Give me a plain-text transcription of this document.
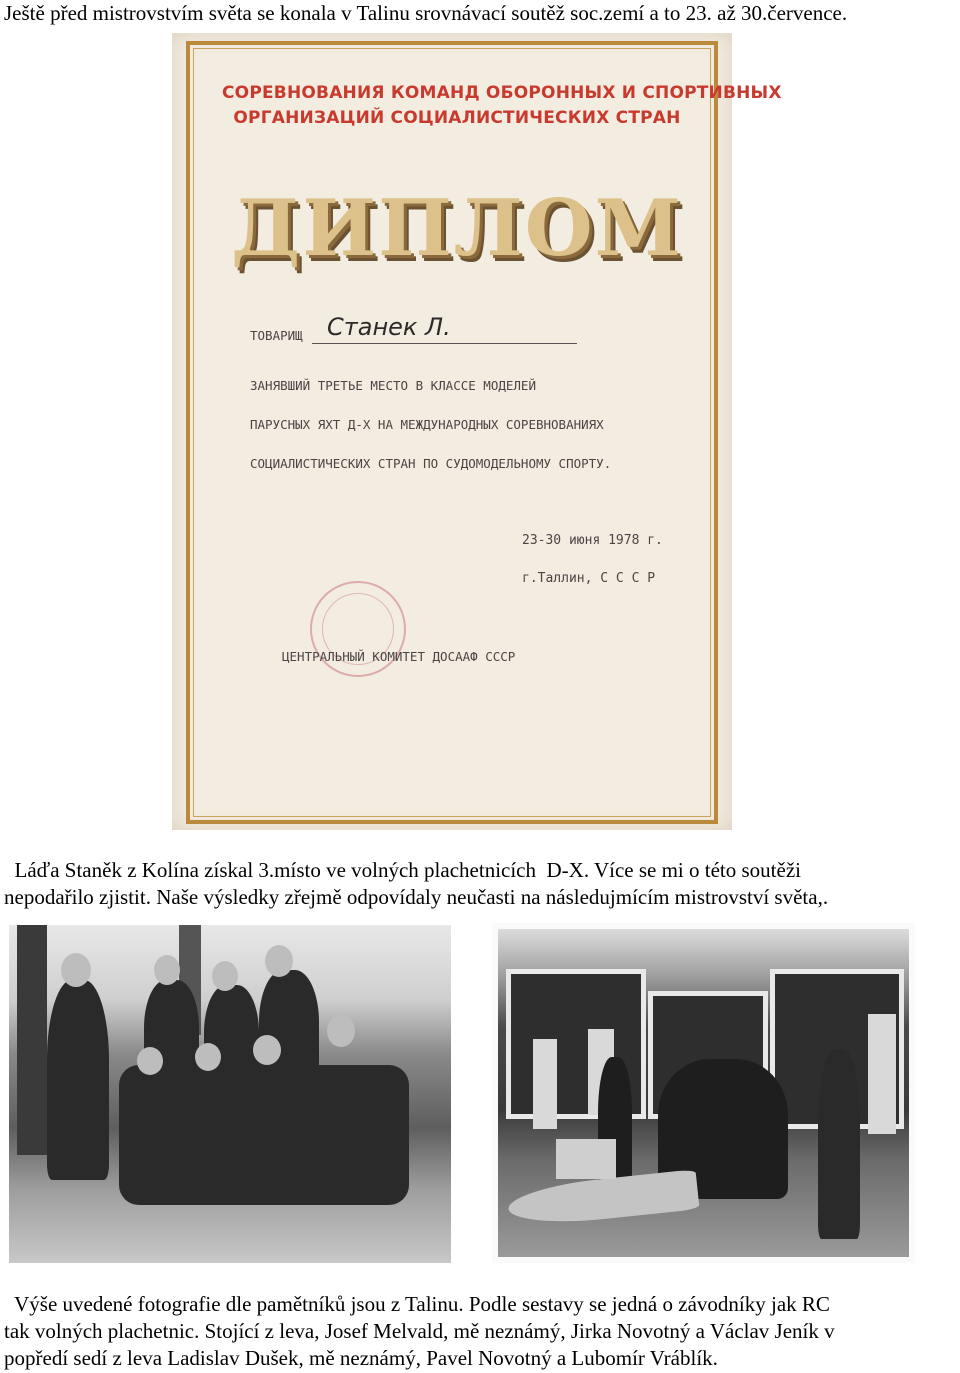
Ještě před mistrovstvím světa se konala v Talinu srovnávací soutěž soc.zemí a to 23. až 30.července.

СОРЕВНОВАНИЯ КОМАНД ОБОРОННЫХ И СПОРТИВНЫХ
ОРГАНИЗАЦИЙ СОЦИАЛИСТИЧЕСКИХ СТРАН
ДИПЛОМ
ТОВАРИЩ Станек Л.
ЗАНЯВШИЙ ТРЕТЬЕ МЕСТО В КЛАССЕ МОДЕЛЕЙ
ПАРУСНЫХ ЯХТ Д-Х НА МЕЖДУНАРОДНЫХ СОРЕВНОВАНИЯХ
СОЦИАЛИСТИЧЕСКИХ СТРАН ПО СУДОМОДЕЛЬНОМУ СПОРТУ.
23-30 июня 1978 г.
г.Таллин, С С С Р
ЦЕНТРАЛЬНЫЙ КОМИТЕТ ДОСААФ СССР

Láďa Staněk z Kolína získal 3.místo ve volných plachetnicích  D-X. Více se mi o této soutěži
nepodařilo zjistit. Naše výsledky zřejmě odpovídaly neučasti na následujmícím mistrovství světa,.

Výše uvedené fotografie dle pamětníků jsou z Talinu. Podle sestavy se jedná o závodníky jak RC
tak volných plachetnic. Stojící z leva, Josef Melvald, mě neznámý, Jirka Novotný a Václav Jeník v
popředí sedí z leva Ladislav Dušek, mě neznámý, Pavel Novotný a Lubomír Vráblík.
